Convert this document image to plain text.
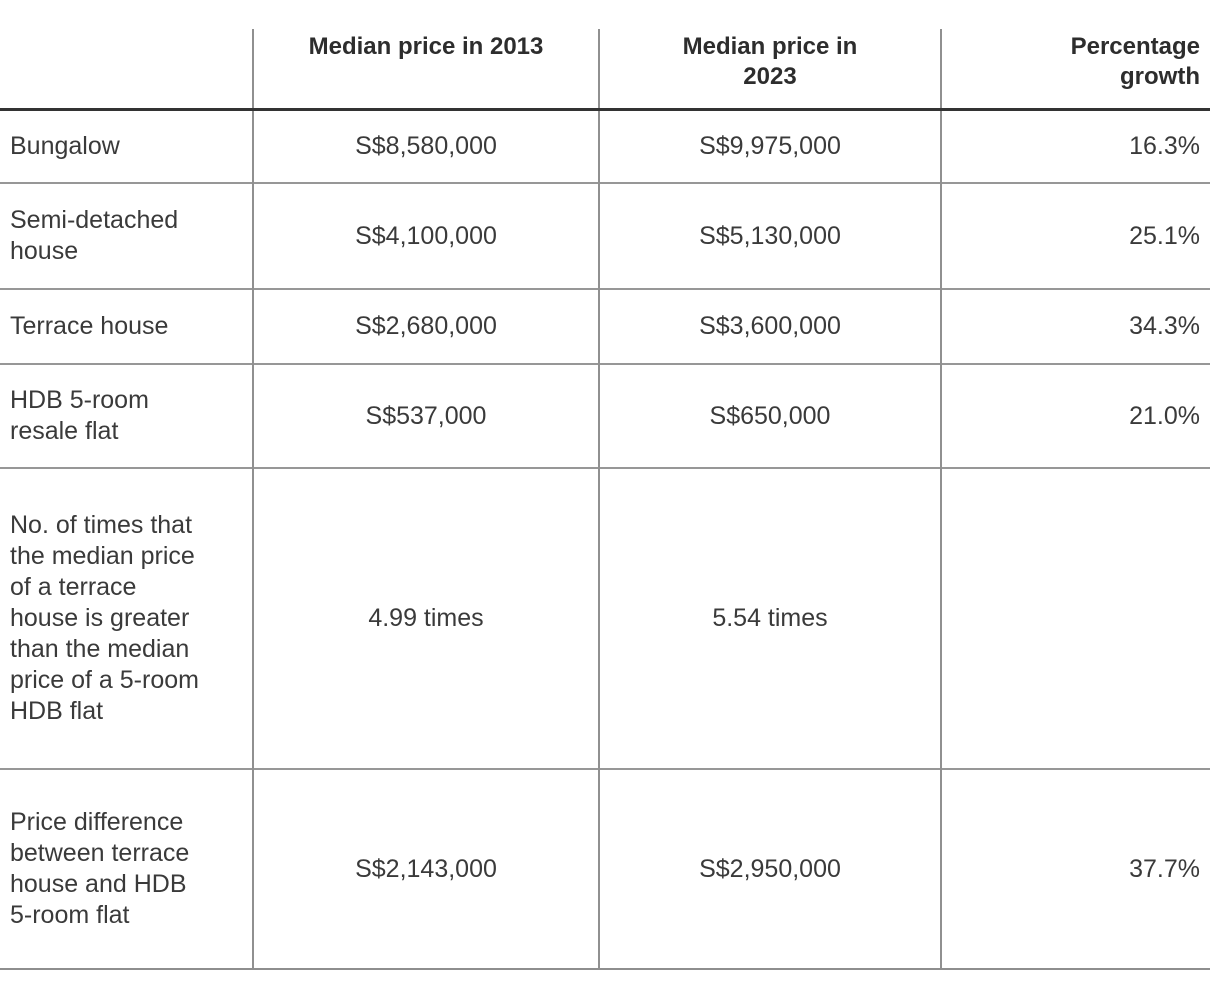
	Median price in 2013	Median price in 2023	Percentage growth

Bungalow	S$8,580,000	S$9,975,000	16.3%
Semi-detached house	S$4,100,000	S$5,130,000	25.1%
Terrace house	S$2,680,000	S$3,600,000	34.3%
HDB 5-room resale flat	S$537,000	S$650,000	21.0%
No. of times that the median price of a terrace house is greater than the median price of a 5-room HDB flat	4.99 times	5.54 times	
Price difference between terrace house and HDB 5-room flat	S$2,143,000	S$2,950,000	37.7%
